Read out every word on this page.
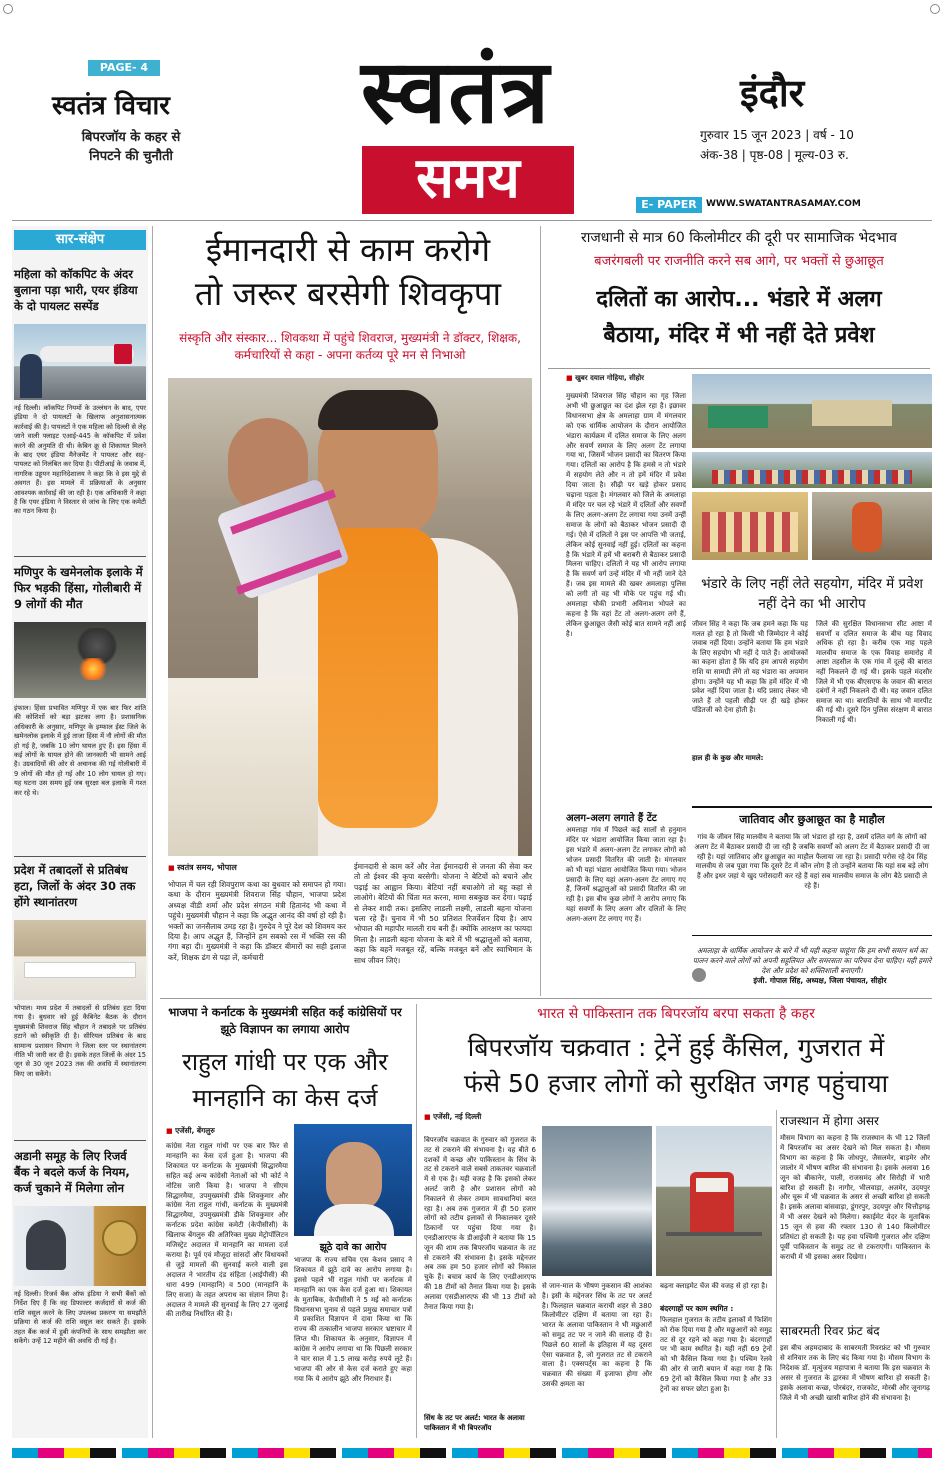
PAGE- 4
स्वतंत्र विचार
बिपरजॉय के कहर से निपटने की चुनौती
स्वतंत्र
समय
इंदौर
गुरुवार 15 जून 2023 | वर्ष - 10
अंक-38 | पृष्ठ-08 | मूल्य-03 रु.
E- PAPER	WWW.SWATANTRASAMAY.COM
सार-संक्षेप
महिला को कॉकपिट के अंदर बुलाना पड़ा भारी, एयर इंडिया के दो पायलट सस्पेंड
नई दिल्ली। कॉकपिट नियमों के उल्लंघन के बाद, एयर इंडिया ने दो पायलटों के खिलाफ अनुशासनात्मक कार्रवाई की है। पायलटों ने एक महिला को दिल्ली से लेह जाने वाली फ्लाइट एआई-445 के कॉकपिट में प्रवेश करने की अनुमति दी थी। केबिन क्रू से शिकायत मिलने के बाद एयर इंडिया मैनेजमेंट ने पायलट और सह-पायलट को निलंबित कर दिया है। पीटीआई के जवाब में, नागरिक उड्डयन महानिदेशालय ने कहा कि वे इस मुद्दे से अवगत हैं। इस मामले में प्रक्रियाओं के अनुसार आवश्यक कार्रवाई की जा रही है। एक अधिकारी ने कहा है कि एयर इंडिया ने विस्तार से जांच के लिए एक कमेटी का गठन किया है।
मणिपुर के खमेनलोक इलाके में फिर भड़की हिंसा, गोलीबारी में 9 लोगों की मौत
इंफाल। हिंसा प्रभावित मणिपुर में एक बार फिर शांति की कोशिशों को बड़ा झटका लगा है। प्रशासनिक अधिकारी के अनुसार, मणिपुर के इम्फाल ईस्ट जिले के खमेनलोक इलाके में हुई ताजा हिंसा में नौ लोगों की मौत हो गई है, जबकि 10 लोग घायल हुए हैं। इस हिंसा में कई लोगों के घायल होने की जानकारी भी सामने आई है। उग्रवादियों की ओर से अचानक की गई गोलीबारी में 9 लोगों की मौत हो गई और 10 लोग घायल हो गए। यह घटना उस समय हुई जब सुरक्षा बल इलाके में गश्त कर रहे थे।
प्रदेश में तबादलों से प्रतिबंध हटा, जिलों के अंदर 30 तक होंगे स्थानांतरण
भोपाल। मध्य प्रदेश में तबादलों से प्रतिबंध हटा दिया गया है। बुधवार को हुई कैबिनेट बैठक के दौरान मुख्यमंत्री शिवराज सिंह चौहान ने तबादले पर प्रतिबंध हटाने को स्वीकृति दी है। सीरियल प्रतिबंध के बाद सामान्य प्रशासन विभाग ने जिला स्तर पर स्थानांतरण नीति भी जारी कर दी है। इसके तहत जिलों के अंदर 15 जून से 30 जून 2023 तक की अवधि में स्थानांतरण किए जा सकेंगे।
अडानी समूह के लिए रिजर्व बैंक ने बदले कर्ज के नियम, कर्ज चुकाने में मिलेगा लोन
नई दिल्ली। रिजर्व बैंक ऑफ इंडिया ने सभी बैंकों को निर्देश दिए हैं कि वह डिफाल्टर कर्जदारों से कर्ज की राशि वसूल करने के लिए उपलब्ध प्रकरण या समझौते प्रक्रिया से कर्ज की राशि वसूल कर सकते हैं। इसके तहत बैंक कर्ज में डूबी कंपनियों के साथ समझौता कर सकेंगे। उन्हें 12 महीने की अवधि दी गई है।
ईमानदारी से काम करोगे
तो जरूर बरसेगी शिवकृपा
संस्कृति और संस्कार... शिवकथा में पहुंचे शिवराज, मुख्यमंत्री ने डॉक्टर, शिक्षक, कर्मचारियों से कहा - अपना कर्तव्य पूरे मन से निभाओ
■ स्वतंत्र समय, भोपाल
भोपाल में चल रही शिवपुराण कथा का बुधवार को समापन हो गया। कथा के दौरान मुख्यमंत्री शिवराज सिंह चौहान, भाजपा प्रदेश अध्यक्ष वीडी शर्मा और प्रदेश संगठन मंत्री हितानंद भी कथा में पहुंचे। मुख्यमंत्री चौहान ने कहा कि अद्भुत आनंद की वर्षा हो रही है। भक्तों का जनसैलाब उमड़ रहा है। गुरुदेव ने पूरे देश को शिवमय कर दिया है। आप अद्भुत हैं, जिन्होंने हम सबको रस में भक्ति रस की गंगा बहा दी। मुख्यमंत्री ने कहा कि डॉक्टर बीमारों का सही इलाज करें, शिक्षक ढंग से पढ़ा लें, कर्मचारी
ईमानदारी से काम करें और नेता ईमानदारी से जनता की सेवा कर तो तो ईश्वर की कृपा बरसेगी। योजना ने बेटियों को बचाने और पढ़ाई का आह्वान किया। बेटियां नहीं बचाओगे तो बहू कहां से लाओगे। बेटियों की चिंता मत करना, मामा सबकुछ कर देगा। पढ़ाई से लेकर शादी तक। इसलिए लाडली लक्ष्मी, लाडली बहना योजना चला रहे हैं। चुनाव में भी 50 प्रतिशत रिजर्वेशन दिया है। आप भोपाल की महापौर मालती राय बनी हैं। क्योंकि आरक्षण का फायदा मिला है। लाडली बहना योजना के बारे में भी श्रद्धालुओं को बताया, कहा कि बहनें मजबूत रहें, बल्कि मजबूत बनें और स्वाभिमान के साथ जीवन जिएं।
राजधानी से मात्र 60 किलोमीटर की दूरी पर सामाजिक भेदभाव
बजरंगबली पर राजनीति करने सब आगे, पर भक्तों से छुआछूत
दलितों का आरोप... भंडारे में अलग
बैठाया, मंदिर में भी नहीं देते प्रवेश
■ खुबर दयाल गोहिया, सीहोर
मुख्यमंत्री शिवराज सिंह चौहान का गृह जिला अभी भी छुआछूत का दंश झेल रहा है। इछावर विधानसभा क्षेत्र के अमलाहा ग्राम में मंगलवार को एक धार्मिक आयोजन के दौरान आयोजित भंडारा कार्यक्रम में दलित समाज के लिए अलग और सवर्ण समाज के लिए अलग टेंट लगाया गया था, जिसमें भोजन प्रसादी का वितरण किया गया। दलितों का आरोप है कि हमसे न तो भंडारे में सहयोग लेते और न तो हमें मंदिर में प्रवेश दिया जाता है। सीढ़ी पर खड़े होकर प्रसाद चढ़ाना पड़ता है। मंगलवार को जिले के अमलाहा में मंदिर पर चल रहे भंडारे में दलितों और सवर्णों के लिए अलग-अलग टेंट लगाया गया उनमें उन्हीं समाज के लोगों को बैठाकर भोजन प्रसादी दी गई। ऐसे में दलितों ने इस पर आपत्ति भी जताई, लेकिन कोई सुनवाई नहीं हुई। दलितों का कहना है कि भंडारे में हमें भी बराबरी से बैठाकर प्रसादी मिलना चाहिए। दलितों ने यह भी आरोप लगाया है कि सवर्ण वर्ग उन्हें मंदिर में भी नहीं जाने देते हैं। जब इस मामले की खबर अमलाहा पुलिस को लगी तो वह भी मौके पर पहुंच गई थी। अमलाहा चौकी प्रभारी अविनाश भोपले का कहना है कि वहां टेंट तो अलग-अलग लगे हैं, लेकिन छुआछूत जैसी कोई बात सामने नहीं आई है।
अलग-अलग लगाते हैं टेंट
अमलाहा गांव में पिछले कई सालों से हनुमान मंदिर पर भंडारा आयोजित किया जाता रहा है। इस भंडारे में अलग-अलग टेंट लगाकर लोगों को भोजन प्रसादी वितरित की जाती है। मंगलवार को भी यहां भंडारा आयोजित किया गया। भोजन प्रसादी के लिए यहां अलग-अलग टेंट लगाए गए हैं, जिनमें श्रद्धालुओं को प्रसादी वितरित की जा रही है। इस बीच कुछ लोगों ने आरोप लगाए कि यहां सवर्णों के लिए अलग और दलितों के लिए अलग-अलग टेंट लगाए गए हैं।
भंडारे के लिए नहीं लेते सहयोग, मंदिर में प्रवेश नहीं देने का भी आरोप
जीवन सिंह ने कहा कि जब हमने कहा कि यह गलत हो रहा है तो किसी भी जिम्मेदार ने कोई जवाब नहीं दिया। उन्होंने बताया कि हम भंडारे के लिए सहयोग भी नहीं दे पाते हैं। आयोजकों का कहना होता है कि यदि हम आपसे सहयोग राशि या सामग्री लेंगे तो यह भंडारा का अपमान होगा। उन्होंने यह भी कहा कि हमें मंदिर में भी प्रवेश नहीं दिया जाता है। यदि प्रसाद लेकर भी जाते हैं तो पहली सीढ़ी पर ही खड़े होकर पंडितजी को देना होती है।
हाल ही के कुछ और मामले:
जिले की सुरक्षित विधानसभा सीट आष्टा में सवर्णों व दलित समाज के बीच यह विवाद अधिक हो रहा है। करीब एक माह पहले मालवीय समाज के एक विवाह समारोह में आष्टा तहसील के एक गांव में दूल्हे की बारात नहीं निकलने दी गई थी। इसके पहले मंदसौर जिले में भी एक बीएसएफ के जवान की बारात दबंगों ने नहीं निकलने दी थी। यह जवान दलित समाज का था। बारातियों के साथ भी मारपीट की गई थी। दूसरे दिन पुलिस संरक्षण में बारात निकाली गई थी।
जातिवाद और छुआछूत का है माहौल
गांव के जीवन सिंह मालवीय ने बताया कि जो भंडारा हो रहा है, उसमें दलित वर्ग के लोगों को अलग टेंट में बैठाकर प्रसादी दी जा रही है जबकि सवर्णों को अलग टेंट में बैठाकर प्रसादी दी जा रही है। यहां जातिवाद और छुआछूत का माहौल फैलाया जा रहा है। प्रसादी परोस रहे देव सिंह मालवीय से जब पूछा गया कि दूसरे टेंट में कौन लोग हैं तो उन्होंने बताया कि यहां सब बड़े लोग हैं और इधर जहां ये खुद परोसदारी कर रहे हैं वहां सब मालवीय समाज के लोग बैठे प्रसादी ले रहे हैं।
अमलाहा के धार्मिक आयोजन के बारे में भी यही कहना चाहूंगा कि हम सभी समान धर्म का पालन करने वाले लोगों को अपनी सहूलियत और समरसता का परिचय देना चाहिए। यही हमारे देश और प्रदेश को शक्तिशाली बनाएगी।
इंजी. गोपाल सिंह, अध्यक्ष, जिला पंचायत, सीहोर
भाजपा ने कर्नाटक के मुख्यमंत्री सहित कई कांग्रेसियों पर झूठे विज्ञापन का लगाया आरोप
राहुल गांधी पर एक और
मानहानि का केस दर्ज
■ एजेंसी, बेंगलुरु
कांग्रेस नेता राहुल गांधी पर एक बार फिर से मानहानि का केस दर्ज हुआ है। भाजपा की शिकायत पर कर्नाटक के मुख्यमंत्री सिद्धारमैया सहित कई अन्य कांग्रेसी नेताओं को भी कोर्ट ने नोटिस जारी किया है। भाजपा ने सीएम सिद्धारमैया, उपमुख्यमंत्री डीके शिवकुमार और कांग्रेस नेता राहुल गांधी, कर्नाटक के मुख्यमंत्री सिद्धारमैया, उपमुख्यमंत्री डीके शिवकुमार और कर्नाटक प्रदेश कांग्रेस कमेटी (केपीसीसी) के खिलाफ बेंगलुरु की अतिरिक्त मुख्य मेट्रोपॉलिटन मजिस्ट्रेट अदालत में मानहानि का मामला दर्ज कराया है। पूर्व एवं मौजूदा सांसदों और विधायकों से जुड़े मामलों की सुनवाई करने वाली इस अदालत ने भारतीय दंड संहिता (आईपीसी) की धारा 499 (मानहानि) व 500 (मानहानि के लिए सजा) के तहत अपराध का संज्ञान लिया है। अदालत ने मामले की सुनवाई के लिए 27 जुलाई की तारीख निर्धारित की है।
झूठे दावे का आरोप
भाजपा के राज्य सचिव एस केशव प्रसाद ने शिकायत में झूठे दावे का आरोप लगाया है। इससे पहले भी राहुल गांधी पर कर्नाटक में मानहानि का एक केस दर्ज हुआ था। शिकायत के मुताबिक, केपीसीसी ने 5 मई को कर्नाटक विधानसभा चुनाव से पहले प्रमुख समाचार पत्रों में प्रकाशित विज्ञापन में दावा किया था कि राज्य की तत्कालीन भाजपा सरकार भ्रष्टाचार में लिप्त थी। शिकायत के अनुसार, विज्ञापन में कांग्रेस ने आरोप लगाया था कि पिछली सरकार ने चार साल में 1.5 लाख करोड़ रुपये लूटे हैं। भाजपा की ओर से केस दर्ज कराते हुए कहा गया कि ये आरोप झूठे और निराधार हैं।
भारत से पाकिस्तान तक बिपरजॉय बरपा सकता है कहर
बिपरजॉय चक्रवात : ट्रेनें हुई कैंसिल, गुजरात में
फंसे 50 हजार लोगों को सुरक्षित जगह पहुंचाया
■ एजेंसी, नई दिल्ली
बिपरजॉय चक्रवात के गुरुवार को गुजरात के तट से टकराने की संभावना है। वह बीते 6 दशकों में कच्छ और पाकिस्तान के सिंध के तट से टकराने वाले सबसे ताकतवर चक्रवातों में से एक है। यही वजह है कि इसको लेकर अलर्ट जारी है और प्रशासन लोगों को निकालने से लेकर तमाम सावधानियां बरत रहा है। अब तक गुजरात में ही 50 हजार लोगों को तटीय इलाकों से निकालकर दूसरे ठिकानों पर पहुंचा दिया गया है। एनडीआरएफ के डीआईजी ने बताया कि 15 जून की शाम तक बिपरजॉय चक्रवात के तट से टकराने की संभावना है। इसके मद्देनजर अब तक हम 50 हजार लोगों को निकाल चुके हैं। बचाव कार्य के लिए एनडीआरएफ की 18 टीमों को तैनात किया गया है। इसके अलावा एसडीआरएफ की भी 13 टीमों को तैनात किया गया है।
सिंध के तट पर अलर्ट: भारत के अलावा पाकिस्तान में भी बिपरजॉय
से जान-माल के भीषण नुकसान की आशंका है। इसी के मद्देनजर सिंध के तट पर अलर्ट है। फिलहाल चक्रवात कराची शहर से 380 किलोमीटर दक्षिण में बताया जा रहा है। भारत के अलावा पाकिस्तान ने भी मछुआरों को समुद्र तट पर न जाने की सलाह दी है। पिछले 60 सालों के इतिहास में यह दूसरा ऐसा चक्रवात है, जो गुजरात तट से टकराने वाला है। एक्सपर्ट्स का कहना है कि चक्रवात की संख्या में इजाफा होगा और उसकी क्षमता का
बढ़ना क्लाइमेट चेंज की वजह से हो रहा है।
बंदरगाहों पर काम स्थगित :
फिलहाल गुजरात के तटीय इलाकों में फिशिंग को रोक दिया गया है और मछुआरों को समुद्र तट से दूर रहने को कहा गया है। बंदरगाहों पर भी काम स्थगित है। यही नहीं 69 ट्रेनों को भी कैंसिल किया गया है। पश्चिम रेलवे की ओर से जारी बयान में कहा गया है कि 69 ट्रेनों को कैंसिल किया गया है और 33 ट्रेनों का सफर छोटा हुआ है।
राजस्थान में होगा असर
मौसम विभाग का कहना है कि राजस्थान के भी 12 जिलों में बिपरजॉय का असर देखने को मिल सकता है। मौसम विभाग का कहना है कि जोधपुर, जैसलमेर, बाड़मेर और जालोर में भीषण बारिश की संभावना है। इसके अलावा 16 जून को बीकानेर, पाली, राजसमंद और सिरोही में भारी बारिश हो सकती है। नागौर, भीलवाड़ा, अजमेर, उदयपुर और चूरू में भी चक्रवात के असर से अच्छी बारिश हो सकती है। इसके अलावा बांसवाड़ा, डूंगरपुर, उदयपुर और चित्तौड़गढ़ में भी असर देखने को मिलेगा। स्काईमेट वेदर के मुताबिक 15 जून से हवा की रफ्तार 130 से 140 किलोमीटर प्रतिघंटा हो सकती है। यह हवा पश्चिमी गुजरात और दक्षिण पूर्वी पाकिस्तान के समुद्र तट से टकराएगी। पाकिस्तान के कराची में भी इसका असर दिखेगा।
साबरमती रिवर फ्रंट बंद
इस बीच अहमदाबाद के साबरमती रिवरफ्रंट को भी गुरुवार से शनिवार तक के लिए बंद किया गया है। मौसम विभाग के निदेशक डॉ. मृत्युंजय महापात्रा ने बताया कि इस चक्रवात के असर से गुजरात के द्वारका में भीषण बारिश हो सकती है। इसके अलावा कच्छ, पोरबंदर, राजकोट, मोरबी और जूनागढ़ जिले में भी अच्छी खासी बारिश होने की संभावना है।
